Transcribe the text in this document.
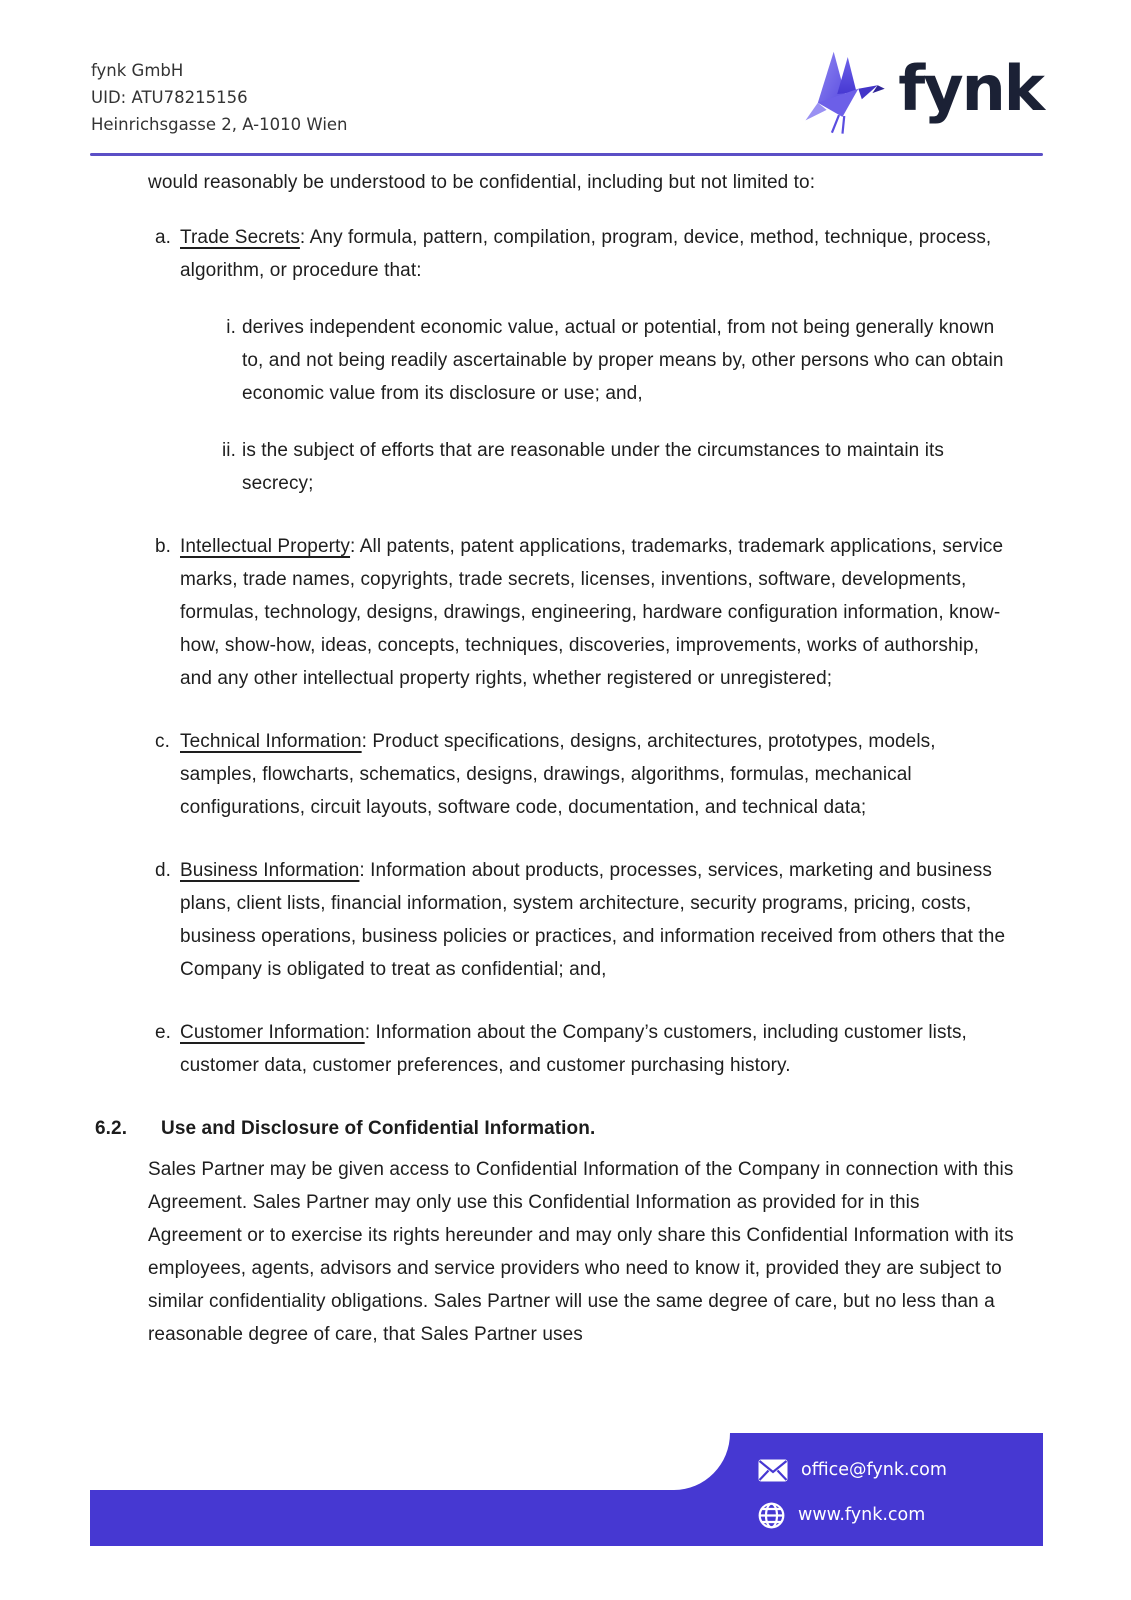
fynk GmbH
UID: ATU78215156
Heinrichsgasse 2, A-1010 Wien	fynk

would reasonably be understood to be confidential, including but not limited to:

a. Trade Secrets: Any formula, pattern, compilation, program, device, method, technique, process, algorithm, or procedure that:
i. derives independent economic value, actual or potential, from not being generally known to, and not being readily ascertainable by proper means by, other persons who can obtain economic value from its disclosure or use; and,
ii. is the subject of efforts that are reasonable under the circumstances to maintain its secrecy;
b. Intellectual Property: All patents, patent applications, trademarks, trademark applications, service marks, trade names, copyrights, trade secrets, licenses, inventions, software, developments, formulas, technology, designs, drawings, engineering, hardware configuration information, know-how, show-how, ideas, concepts, techniques, discoveries, improvements, works of authorship, and any other intellectual property rights, whether registered or unregistered;
c. Technical Information: Product specifications, designs, architectures, prototypes, models, samples, flowcharts, schematics, designs, drawings, algorithms, formulas, mechanical configurations, circuit layouts, software code, documentation, and technical data;
d. Business Information: Information about products, processes, services, marketing and business plans, client lists, financial information, system architecture, security programs, pricing, costs, business operations, business policies or practices, and information received from others that the Company is obligated to treat as confidential; and,
e. Customer Information: Information about the Company’s customers, including customer lists, customer data, customer preferences, and customer purchasing history.
6.2.	Use and Disclosure of Confidential Information.

Sales Partner may be given access to Confidential Information of the Company in connection with this Agreement. Sales Partner may only use this Confidential Information as provided for in this Agreement or to exercise its rights hereunder and may only share this Confidential Information with its employees, agents, advisors and service providers who need to know it, provided they are subject to similar confidentiality obligations. Sales Partner will use the same degree of care, but no less than a reasonable degree of care, that Sales Partner uses

office@fynk.com
www.fynk.com
